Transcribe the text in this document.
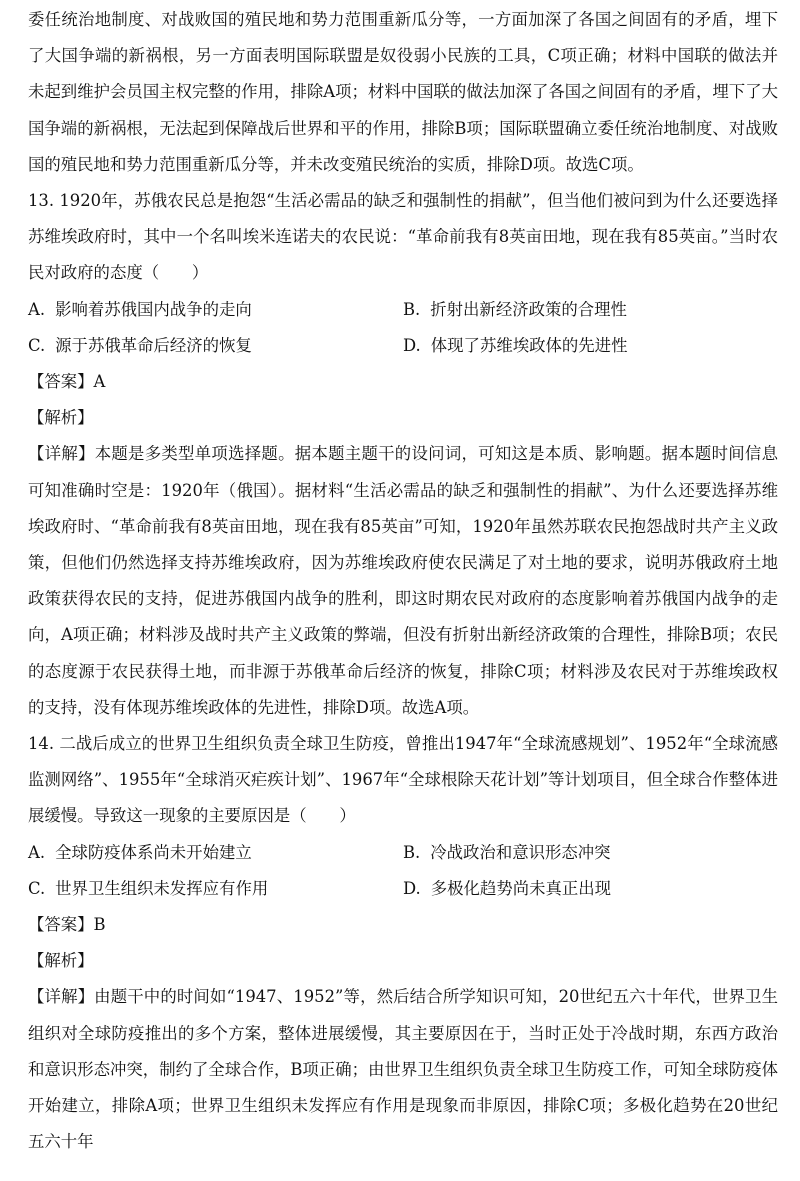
委任统治地制度、对战败国的殖民地和势力范围重新瓜分等，一方面加深了各国之间固有的矛盾，埋下了大国争端的新祸根，另一方面表明国际联盟是奴役弱小民族的工具，C项正确；材料中国联的做法并未起到维护会员国主权完整的作用，排除A项；材料中国联的做法加深了各国之间固有的矛盾，埋下了大国争端的新祸根，无法起到保障战后世界和平的作用，排除B项；国际联盟确立委任统治地制度、对战败国的殖民地和势力范围重新瓜分等，并未改变殖民统治的实质，排除D项。故选C项。

13. 1920年，苏俄农民总是抱怨“生活必需品的缺乏和强制性的捐献”，但当他们被问到为什么还要选择苏维埃政府时，其中一个名叫埃米连诺夫的农民说：“革命前我有8英亩田地，现在我有85英亩。”当时农民对政府的态度（　　）

A. 影响着苏俄国内战争的走向	B. 折射出新经济政策的合理性
C. 源于苏俄革命后经济的恢复	D. 体现了苏维埃政体的先进性

【答案】A

【解析】

【详解】本题是多类型单项选择题。据本题主题干的设问词，可知这是本质、影响题。据本题时间信息可知准确时空是：1920年（俄国）。据材料“生活必需品的缺乏和强制性的捐献”、为什么还要选择苏维埃政府时、“革命前我有8英亩田地，现在我有85英亩”可知，1920年虽然苏联农民抱怨战时共产主义政策，但他们仍然选择支持苏维埃政府，因为苏维埃政府使农民满足了对土地的要求，说明苏俄政府土地政策获得农民的支持，促进苏俄国内战争的胜利，即这时期农民对政府的态度影响着苏俄国内战争的走向，A项正确；材料涉及战时共产主义政策的弊端，但没有折射出新经济政策的合理性，排除B项；农民的态度源于农民获得土地，而非源于苏俄革命后经济的恢复，排除C项；材料涉及农民对于苏维埃政权的支持，没有体现苏维埃政体的先进性，排除D项。故选A项。

14. 二战后成立的世界卫生组织负责全球卫生防疫，曾推出1947年“全球流感规划”、1952年“全球流感监测网络”、1955年“全球消灭疟疾计划”、1967年“全球根除天花计划”等计划项目，但全球合作整体进展缓慢。导致这一现象的主要原因是（　　）

A. 全球防疫体系尚未开始建立	B. 冷战政治和意识形态冲突
C. 世界卫生组织未发挥应有作用	D. 多极化趋势尚未真正出现

【答案】B

【解析】

【详解】由题干中的时间如“1947、1952”等，然后结合所学知识可知，20世纪五六十年代，世界卫生组织对全球防疫推出的多个方案，整体进展缓慢，其主要原因在于，当时正处于冷战时期，东西方政治和意识形态冲突，制约了全球合作，B项正确；由世界卫生组织负责全球卫生防疫工作，可知全球防疫体开始建立，排除A项；世界卫生组织未发挥应有作用是现象而非原因，排除C项；多极化趋势在20世纪五六十年
